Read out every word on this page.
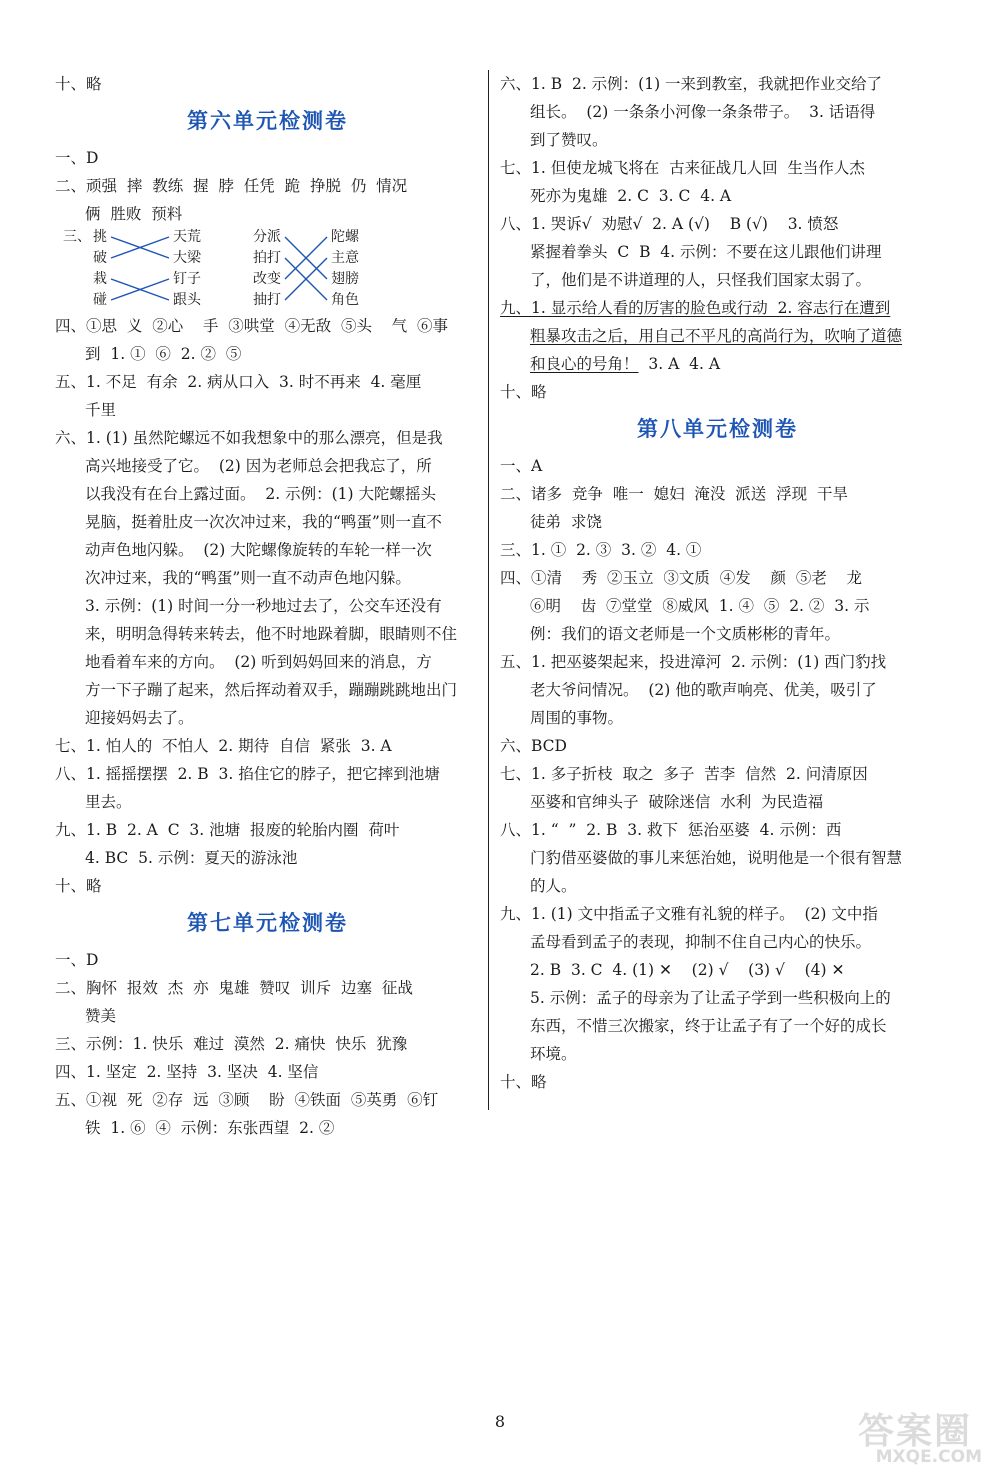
十、略
第六单元检测卷
一、D
二、顽强  摔  教练  握  脖  任凭  跪  挣脱  仍  情况
俩  胜败  预料
三、 挑
破
栽
碰
天荒
大梁
钉子
跟头
分派
拍打
改变
抽打
陀螺
主意
翅膀
角色
四、①思  义  ②心    手  ③哄堂  ④无敌  ⑤头    气  ⑥事
到  1. ①  ⑥  2. ②  ⑤
五、1. 不足  有余  2. 病从口入  3. 时不再来  4. 毫厘
千里
六、1. (1) 虽然陀螺远不如我想象中的那么漂亮，但是我
高兴地接受了它。  (2) 因为老师总会把我忘了，所
以我没有在台上露过面。  2. 示例：(1) 大陀螺摇头
晃脑，挺着肚皮一次次冲过来，我的“鸭蛋”则一直不
动声色地闪躲。  (2) 大陀螺像旋转的车轮一样一次
次冲过来，我的“鸭蛋”则一直不动声色地闪躲。
3. 示例：(1) 时间一分一秒地过去了，公交车还没有
来，明明急得转来转去，他不时地跺着脚，眼睛则不住
地看着车来的方向。  (2) 听到妈妈回来的消息，方
方一下子蹦了起来，然后挥动着双手，蹦蹦跳跳地出门
迎接妈妈去了。
七、1. 怕人的  不怕人  2. 期待  自信  紧张  3. A
八、1. 摇摇摆摆  2. B  3. 掐住它的脖子，把它摔到池塘
里去。
九、1. B  2. A  C  3. 池塘  报废的轮胎内圈  荷叶
4. BC  5. 示例：夏天的游泳池
十、略
第七单元检测卷
一、D
二、胸怀  报效  杰  亦  鬼雄  赞叹  训斥  边塞  征战
赞美
三、示例：1. 快乐  难过  漠然  2. 痛快  快乐  犹豫
四、1. 坚定  2. 坚持  3. 坚决  4. 坚信
五、①视  死  ②存  远  ③顾    盼  ④铁面  ⑤英勇  ⑥钉
铁  1. ⑥  ④  示例：东张西望  2. ②
六、1. B  2. 示例：(1) 一来到教室，我就把作业交给了
组长。  (2) 一条条小河像一条条带子。  3. 话语得
到了赞叹。
七、1. 但使龙城飞将在  古来征战几人回  生当作人杰
死亦为鬼雄  2. C  3. C  4. A
八、1. 哭诉√  劝慰√  2. A (√)    B (√)    3. 愤怒
紧握着拳头  C  B  4. 示例：不要在这儿跟他们讲理
了，他们是不讲道理的人，只怪我们国家太弱了。
九、1. 显示给人看的厉害的脸色或行动  2. 容志行在遭到
粗暴攻击之后，用自己不平凡的高尚行为，吹响了道德
和良心的号角！  3. A  4. A
十、略
第八单元检测卷
一、A
二、诸多  竞争  唯一  媳妇  淹没  派送  浮现  干旱
徒弟  求饶
三、1. ①  2. ③  3. ②  4. ①
四、①清    秀  ②玉立  ③文质  ④发    颜  ⑤老    龙
⑥明    齿  ⑦堂堂  ⑧威风  1. ④  ⑤  2. ②  3. 示
例：我们的语文老师是一个文质彬彬的青年。
五、1. 把巫婆架起来，投进漳河  2. 示例：(1) 西门豹找
老大爷问情况。  (2) 他的歌声响亮、优美，吸引了
周围的事物。
六、BCD
七、1. 多子折枝  取之  多子  苦李  信然  2. 问清原因
巫婆和官绅头子  破除迷信  水利  为民造福
八、1. “  ”  2. B  3. 救下  惩治巫婆  4. 示例：西
门豹借巫婆做的事儿来惩治她，说明他是一个很有智慧
的人。
九、1. (1) 文中指孟子文雅有礼貌的样子。  (2) 文中指
孟母看到孟子的表现，抑制不住自己内心的快乐。
2. B  3. C  4. (1) ✕    (2) √    (3) √    (4) ✕
5. 示例：孟子的母亲为了让孟子学到一些积极向上的
东西，不惜三次搬家，终于让孟子有了一个好的成长
环境。
十、略
8	答案圈
MXQE.COM
